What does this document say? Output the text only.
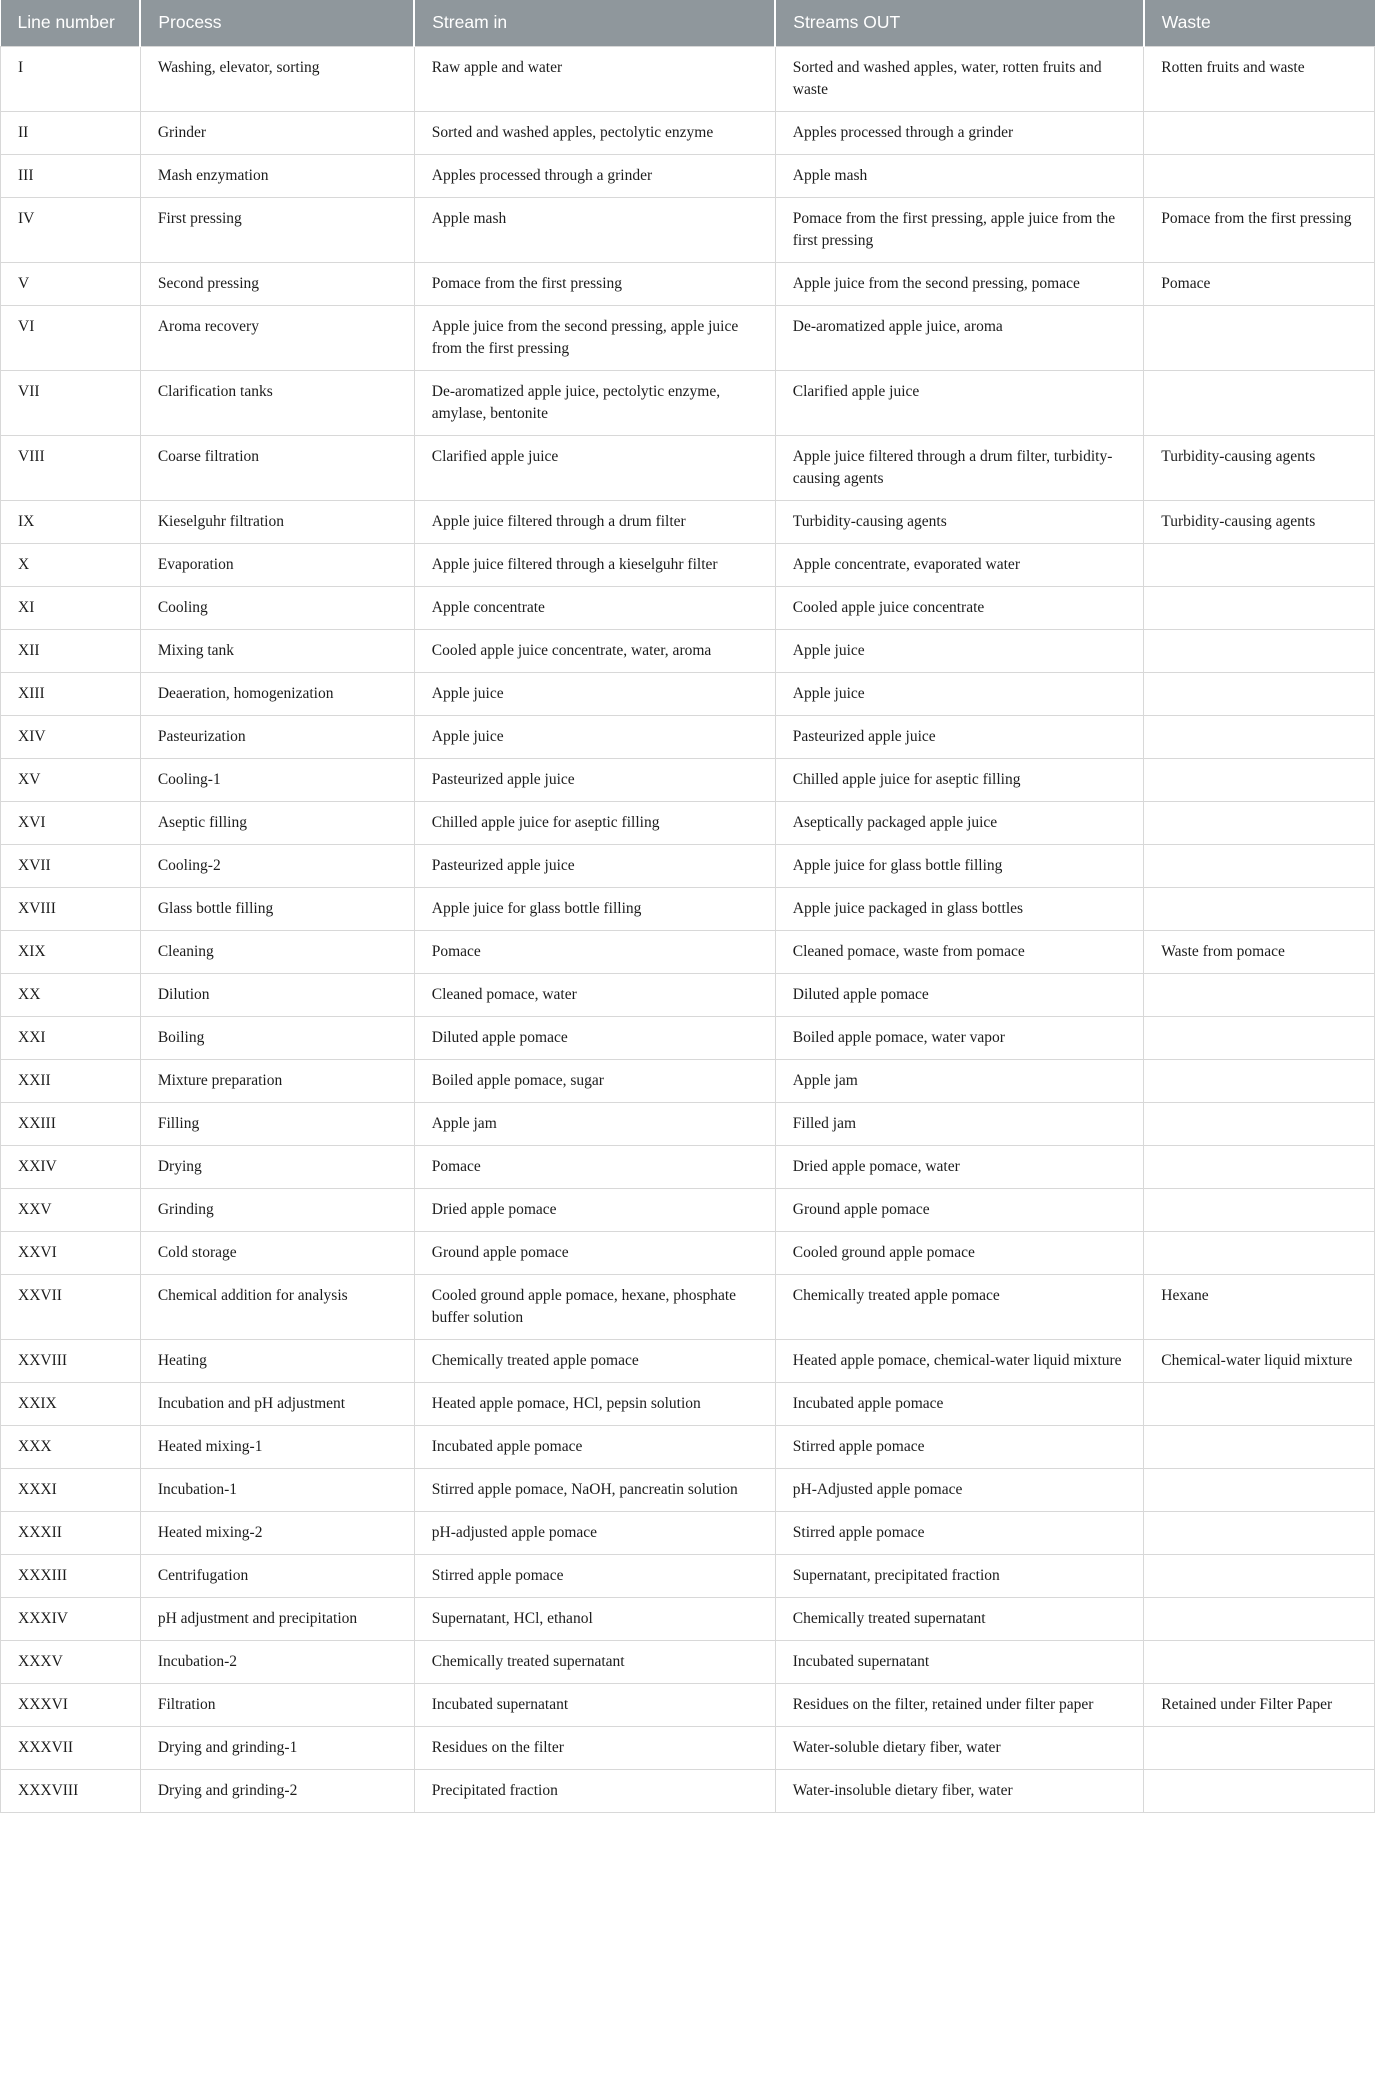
Line number	Process	Stream in	Streams OUT	Waste
I	Washing, elevator, sorting	Raw apple and water	Sorted and washed apples, water, rotten fruits and waste	Rotten fruits and waste
II	Grinder	Sorted and washed apples, pectolytic enzyme	Apples processed through a grinder	
III	Mash enzymation	Apples processed through a grinder	Apple mash	
IV	First pressing	Apple mash	Pomace from the first pressing, apple juice from the first pressing	Pomace from the first pressing
V	Second pressing	Pomace from the first pressing	Apple juice from the second pressing, pomace	Pomace
VI	Aroma recovery	Apple juice from the second pressing, apple juice from the first pressing	De-aromatized apple juice, aroma	
VII	Clarification tanks	De-aromatized apple juice, pectolytic enzyme, amylase, bentonite	Clarified apple juice	
VIII	Coarse filtration	Clarified apple juice	Apple juice filtered through a drum filter, turbidity-causing agents	Turbidity-causing agents
IX	Kieselguhr filtration	Apple juice filtered through a drum filter	Turbidity-causing agents	Turbidity-causing agents
X	Evaporation	Apple juice filtered through a kieselguhr filter	Apple concentrate, evaporated water	
XI	Cooling	Apple concentrate	Cooled apple juice concentrate	
XII	Mixing tank	Cooled apple juice concentrate, water, aroma	Apple juice	
XIII	Deaeration, homogenization	Apple juice	Apple juice	
XIV	Pasteurization	Apple juice	Pasteurized apple juice	
XV	Cooling-1	Pasteurized apple juice	Chilled apple juice for aseptic filling	
XVI	Aseptic filling	Chilled apple juice for aseptic filling	Aseptically packaged apple juice	
XVII	Cooling-2	Pasteurized apple juice	Apple juice for glass bottle filling	
XVIII	Glass bottle filling	Apple juice for glass bottle filling	Apple juice packaged in glass bottles	
XIX	Cleaning	Pomace	Cleaned pomace, waste from pomace	Waste from pomace
XX	Dilution	Cleaned pomace, water	Diluted apple pomace	
XXI	Boiling	Diluted apple pomace	Boiled apple pomace, water vapor	
XXII	Mixture preparation	Boiled apple pomace, sugar	Apple jam	
XXIII	Filling	Apple jam	Filled jam	
XXIV	Drying	Pomace	Dried apple pomace, water	
XXV	Grinding	Dried apple pomace	Ground apple pomace	
XXVI	Cold storage	Ground apple pomace	Cooled ground apple pomace	
XXVII	Chemical addition for analysis	Cooled ground apple pomace, hexane, phosphate buffer solution	Chemically treated apple pomace	Hexane
XXVIII	Heating	Chemically treated apple pomace	Heated apple pomace, chemical-water liquid mixture	Chemical-water liquid mixture
XXIX	Incubation and pH adjustment	Heated apple pomace, HCl, pepsin solution	Incubated apple pomace	
XXX	Heated mixing-1	Incubated apple pomace	Stirred apple pomace	
XXXI	Incubation-1	Stirred apple pomace, NaOH, pancreatin solution	pH-Adjusted apple pomace	
XXXII	Heated mixing-2	pH-adjusted apple pomace	Stirred apple pomace	
XXXIII	Centrifugation	Stirred apple pomace	Supernatant, precipitated fraction	
XXXIV	pH adjustment and precipitation	Supernatant, HCl, ethanol	Chemically treated supernatant	
XXXV	Incubation-2	Chemically treated supernatant	Incubated supernatant	
XXXVI	Filtration	Incubated supernatant	Residues on the filter, retained under filter paper	Retained under Filter Paper
XXXVII	Drying and grinding-1	Residues on the filter	Water-soluble dietary fiber, water	
XXXVIII	Drying and grinding-2	Precipitated fraction	Water-insoluble dietary fiber, water	
